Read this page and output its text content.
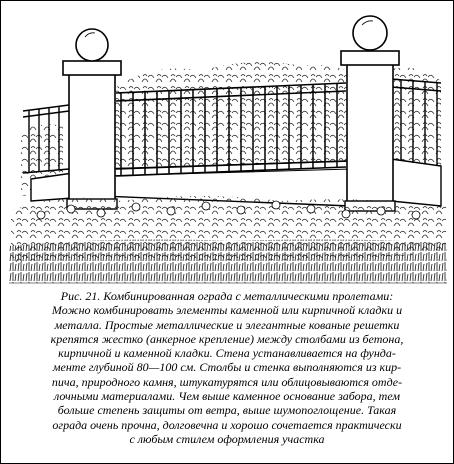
Рис. 21. Комбинированная ограда с металлическими пролетами:
Можно комбинировать элементы каменной или кирпичной кладки и
металла. Простые металлические и элегантные кованые решетки
крепятся жестко (анкерное крепление) между столбами из бетона,
кирпичной и каменной кладки. Стена устанавливается на фунда-
менте глубиной 80—100 см. Столбы и стенка выполняются из кир-
пича, природного камня, штукатурятся или облицовываются отде-
лочными материалами. Чем выше каменное основание забора, тем
больше степень защиты от ветра, выше шумопоглощение. Такая
ограда очень прочна, долговечна и хорошо сочетается практически
с любым стилем оформления участка
